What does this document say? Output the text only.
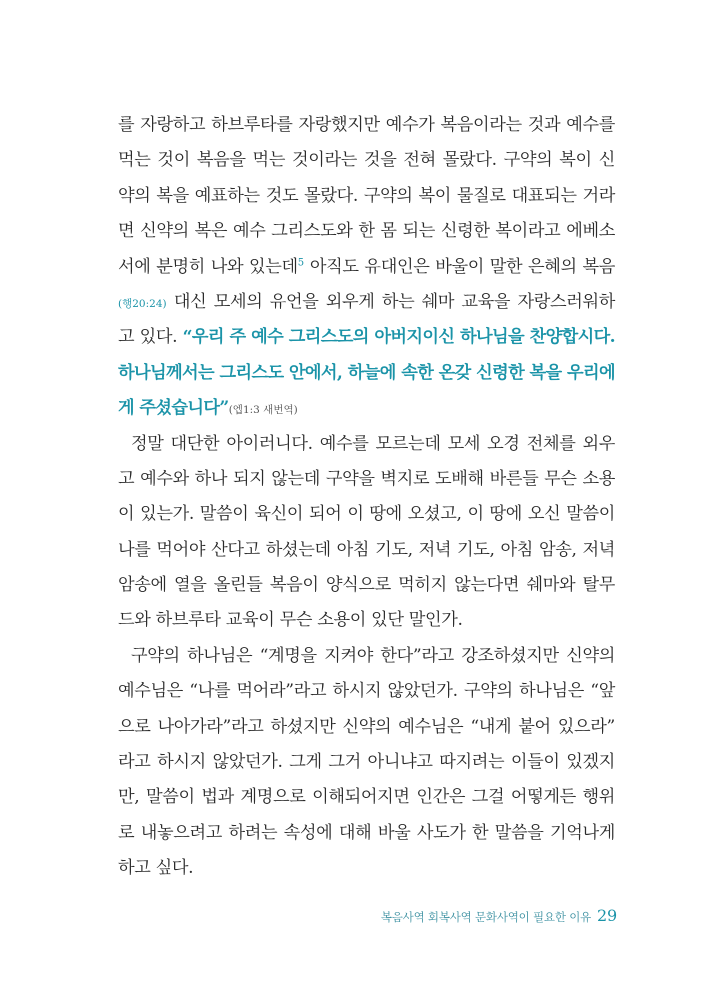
를 자랑하고 하브루타를 자랑했지만 예수가 복음이라는 것과 예수를
먹는 것이 복음을 먹는 것이라는 것을 전혀 몰랐다. 구약의 복이 신
약의 복을 예표하는 것도 몰랐다. 구약의 복이 물질로 대표되는 거라
면 신약의 복은 예수 그리스도와 한 몸 되는 신령한 복이라고 에베소
서에 분명히 나와 있는데$^5$ 아직도 유대인은 바울이 말한 은혜의 복음
(행20:24) 대신 모세의 유언을 외우게 하는 쉐마 교육을 자랑스러워하
고 있다. “우리 주 예수 그리스도의 아버지이신 하나님을 찬양합시다.
하나님께서는 그리스도 안에서, 하늘에 속한 온갖 신령한 복을 우리에
게 주셨습니다”(엡1:3 새번역)
정말 대단한 아이러니다. 예수를 모르는데 모세 오경 전체를 외우
고 예수와 하나 되지 않는데 구약을 벽지로 도배해 바른들 무슨 소용
이 있는가. 말씀이 육신이 되어 이 땅에 오셨고, 이 땅에 오신 말씀이
나를 먹어야 산다고 하셨는데 아침 기도, 저녁 기도, 아침 암송, 저녁
암송에 열을 올린들 복음이 양식으로 먹히지 않는다면 쉐마와 탈무
드와 하브루타 교육이 무슨 소용이 있단 말인가.
구약의 하나님은 “계명을 지켜야 한다”라고 강조하셨지만 신약의
예수님은 “나를 먹어라”라고 하시지 않았던가. 구약의 하나님은 “앞
으로 나아가라”라고 하셨지만 신약의 예수님은 “내게 붙어 있으라”
라고 하시지 않았던가. 그게 그거 아니냐고 따지려는 이들이 있겠지
만, 말씀이 법과 계명으로 이해되어지면 인간은 그걸 어떻게든 행위
로 내놓으려고 하려는 속성에 대해 바울 사도가 한 말씀을 기억나게
하고 싶다.
복음사역 회복사역 문화사역이 필요한 이유 29
